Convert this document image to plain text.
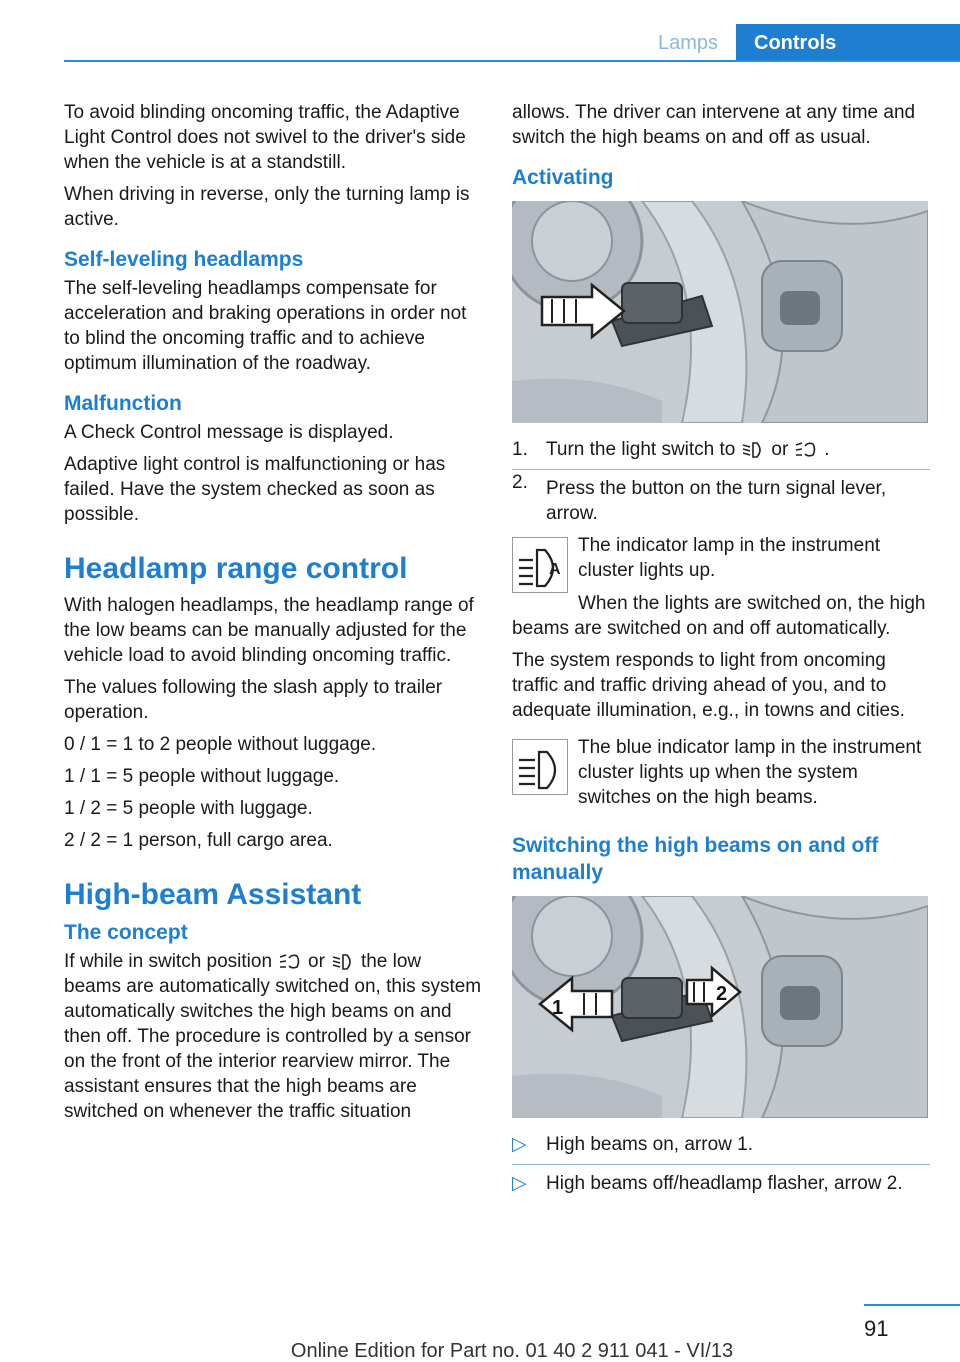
Lamps	Controls

To avoid blinding oncoming traffic, the Adaptive Light Control does not swivel to the driver's side when the vehicle is at a standstill.

When driving in reverse, only the turning lamp is active.

Self-leveling headlamps

The self-leveling headlamps compensate for acceleration and braking operations in order not to blind the oncoming traffic and to achieve optimum illumination of the roadway.

Malfunction

A Check Control message is displayed.

Adaptive light control is malfunctioning or has failed. Have the system checked as soon as possible.

Headlamp range control

With halogen headlamps, the headlamp range of the low beams can be manually adjusted for the vehicle load to avoid blinding oncoming traffic.

The values following the slash apply to trailer operation.

0 / 1 = 1 to 2 people without luggage.

1 / 1 = 5 people without luggage.

1 / 2 = 5 people with luggage.

2 / 2 = 1 person, full cargo area.

High-beam Assistant
The concept

If while in switch position or the low beams are automatically switched on, this system automatically switches the high beams on and then off. The procedure is controlled by a sensor on the front of the interior rearview mirror. The assistant ensures that the high beams are switched on whenever the traffic situation

allows. The driver can intervene at any time and switch the high beams on and off as usual.

Activating
1. Turn the light switch to or .
2. Press the button on the turn signal lever, arrow.
A

The indicator lamp in the instrument cluster lights up.

When the lights are switched on, the high beams are switched on and off automatically.

The system responds to light from oncoming traffic and traffic driving ahead of you, and to adequate illumination, e.g., in towns and cities.

The blue indicator lamp in the instrument cluster lights up when the system switches on the high beams.

Switching the high beams on and off manually
1
2
▷ High beams on, arrow 1.
▷ High beams off/headlamp flasher, arrow 2.
91
Online Edition for Part no. 01 40 2 911 041 - VI/13
